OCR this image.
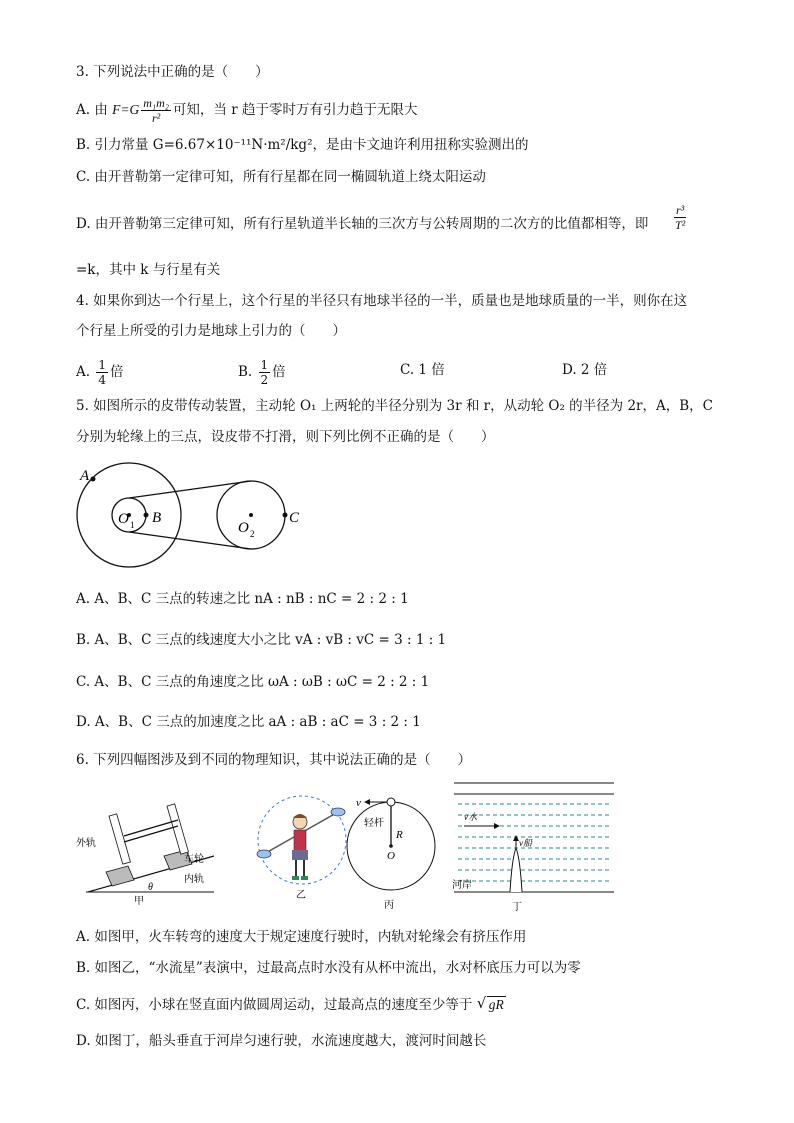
3. 下列说法中正确的是（　　）
A. 由 $F=G \frac{\text{m₁m₂}}{\text{r²}}$ 可知，当 r 趋于零时万有引力趋于无限大
B. 引力常量 G=6.67×10⁻¹¹N·m²/kg²，是由卡文迪许利用扭称实验测出的
C. 由开普勒第一定律可知，所有行星都在同一椭圆轨道上绕太阳运动
D. 由开普勒第三定律可知，所有行星轨道半长轴的三次方与公转周期的二次方的比值都相等，即 $\frac{\text{r³}}{\text{T²}}$
=k，其中 k 与行星有关
4. 如果你到达一个行星上，这个行星的半径只有地球半径的一半，质量也是地球质量的一半，则你在这
个行星上所受的引力是地球上引力的（　　）
A. $\frac{1}{4}$ 倍	B. $\frac{1}{2}$ 倍	C. 1 倍	D. 2 倍
5. 如图所示的皮带传动装置，主动轮 O₁ 上两轮的半径分别为 3r 和 r，从动轮 O₂ 的半径为 2r，A，B，C
分别为轮缘上的三点，设皮带不打滑，则下列比例不正确的是（　　）
A
B
O 1	O 2
C
A. A、B、C 三点的转速之比 nA : nB : nC = 2 : 2 : 1
B. A、B、C 三点的线速度大小之比 vA : vB : vC = 3 : 1 : 1
C. A、B、C 三点的角速度之比 ωA : ωB : ωC = 2 : 2 : 1
D. A、B、C 三点的加速度之比 aA : aB : aC = 3 : 2 : 1
6. 下列四幅图涉及到不同的物理知识，其中说法正确的是（　　）
外轨
车轮
内轨
θ
甲
乙
v
轻杆
R
O
丙
v水
v船
河岸
丁
A. 如图甲，火车转弯的速度大于规定速度行驶时，内轨对轮缘会有挤压作用
B. 如图乙，“水流星”表演中，过最高点时水没有从杯中流出，水对杯底压力可以为零
C. 如图丙，小球在竖直面内做圆周运动，过最高点的速度至少等于 √ gR
D. 如图丁，船头垂直于河岸匀速行驶，水流速度越大，渡河时间越长
